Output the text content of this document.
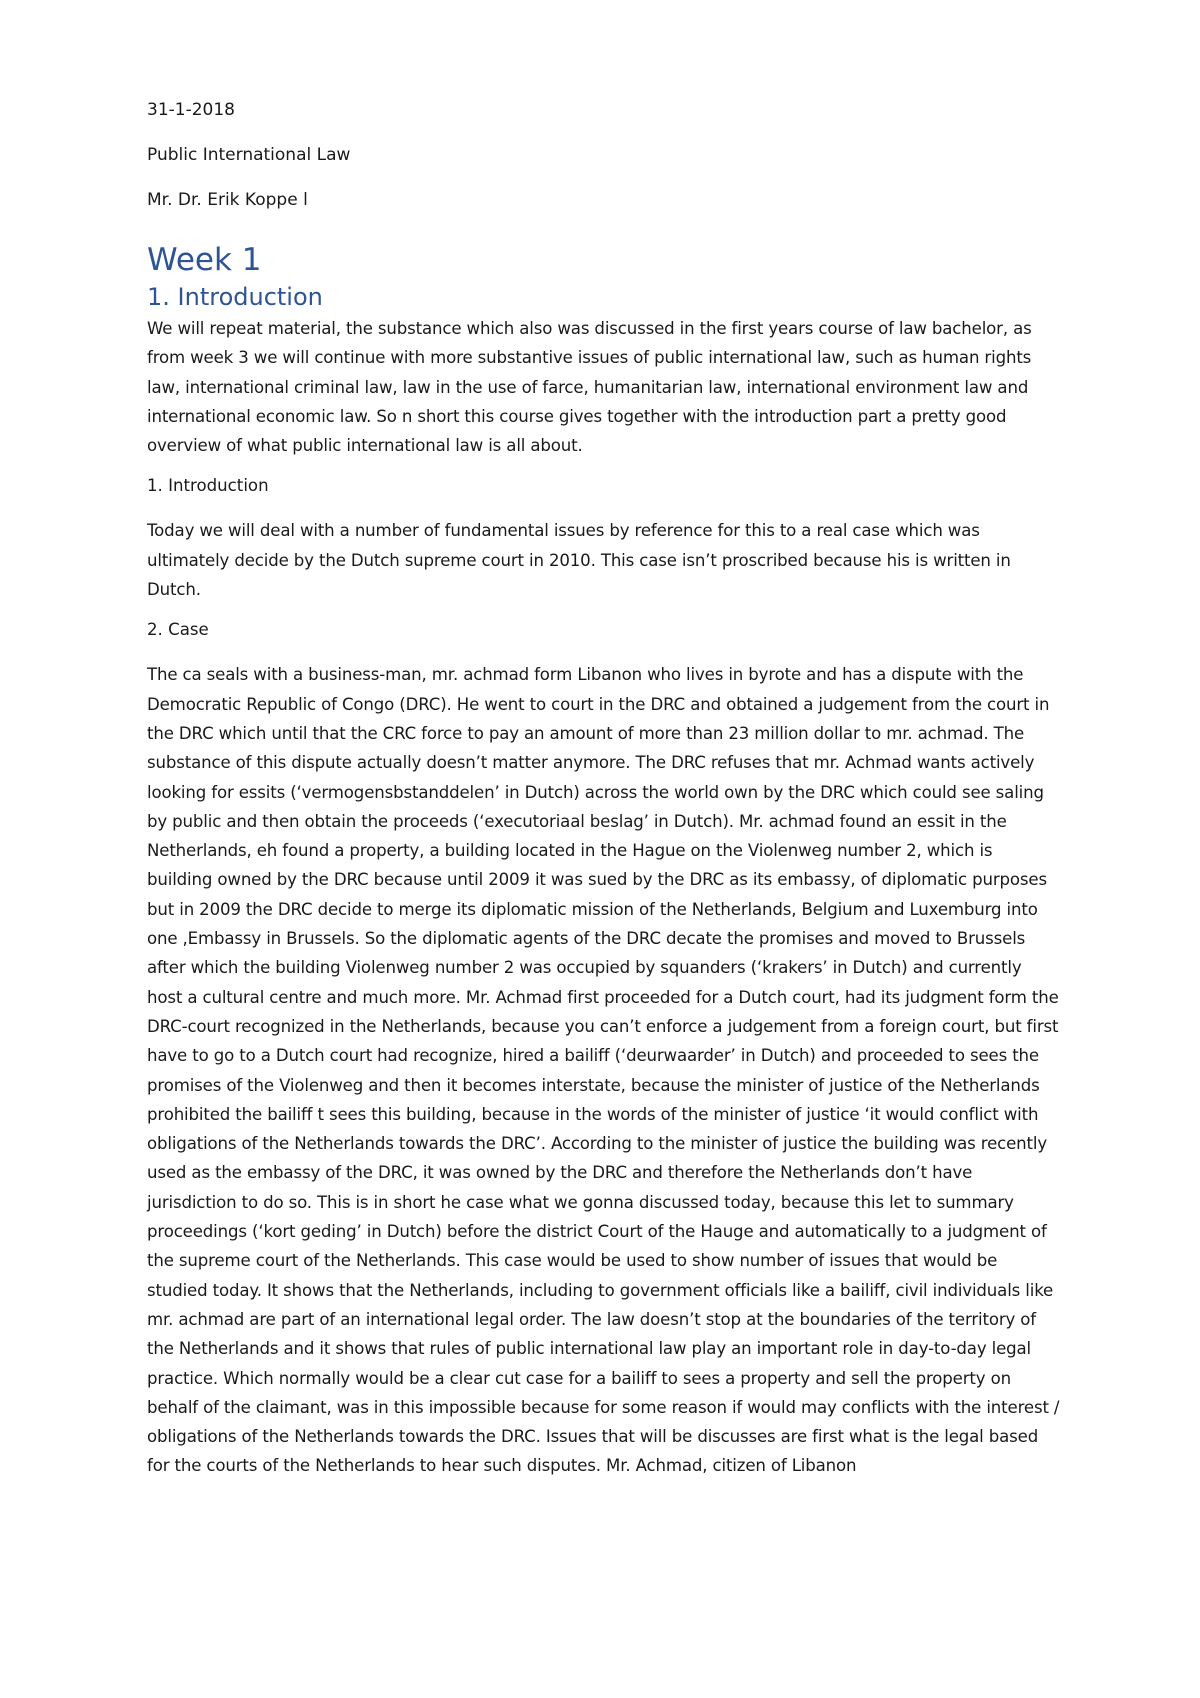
31-1-2018
Public International Law
Mr. Dr. Erik Koppe l
Week 1
1. Introduction

We will repeat material, the substance which also was discussed in the first years course of law bachelor, as from week 3 we will continue with more substantive issues of public international law, such as human rights law, international criminal law, law in the use of farce, humanitarian law, international environment law and international economic law. So n short this course gives together with the introduction part a pretty good overview of what public international law is all about.

1. Introduction

Today we will deal with a number of fundamental issues by reference for this to a real case which was ultimately decide by the Dutch supreme court in 2010. This case isn’t proscribed because his is written in Dutch.

2. Case

The ca seals with a business-man, mr. achmad form Libanon who lives in byrote and has a dispute with the Democratic Republic of Congo (DRC). He went to court in the DRC and obtained a judgement from the court in the DRC which until that the CRC force to pay an amount of more than 23 million dollar to mr. achmad. The substance of this dispute actually doesn’t matter anymore. The DRC refuses that mr. Achmad wants actively looking for essits (‘vermogensbstanddelen’ in Dutch) across the world own by the DRC which could see saling by public and then obtain the proceeds (‘executoriaal beslag’ in Dutch). Mr. achmad found an essit in the Netherlands, eh found a property, a building located in the Hague on the Violenweg number 2, which is building owned by the DRC because until 2009 it was sued by the DRC as its embassy, of diplomatic purposes but in 2009 the DRC decide to merge its diplomatic mission of the Netherlands, Belgium and Luxemburg into one ,Embassy in Brussels. So the diplomatic agents of the DRC decate the promises and moved to Brussels after which the building Violenweg number 2 was occupied by squanders (‘krakers’ in Dutch) and currently host a cultural centre and much more. Mr. Achmad first proceeded for a Dutch court, had its judgment form the DRC-court recognized in the Netherlands, because you can’t enforce a judgement from a foreign court, but first have to go to a Dutch court had recognize, hired a bailiff (‘deurwaarder’ in Dutch) and proceeded to sees the promises of the Violenweg and then it becomes interstate, because the minister of justice of the Netherlands prohibited the bailiff t sees this building, because in the words of the minister of justice ‘it would conflict with obligations of the Netherlands towards the DRC’. According to the minister of justice the building was recently used as the embassy of the DRC, it was owned by the DRC and therefore the Netherlands don’t have jurisdiction to do so. This is in short he case what we gonna discussed today, because this let to summary proceedings (‘kort geding’ in Dutch) before the district Court of the Hauge and automatically to a judgment of the supreme court of the Netherlands. This case would be used to show number of issues that would be studied today. It shows that the Netherlands, including to government officials like a bailiff, civil individuals like mr. achmad are part of an international legal order. The law doesn’t stop at the boundaries of the territory of the Netherlands and it shows that rules of public international law play an important role in day-to-day legal practice. Which normally would be a clear cut case for a bailiff to sees a property and sell the property on behalf of the claimant, was in this impossible because for some reason if would may conflicts with the interest / obligations of the Netherlands towards the DRC. Issues that will be discusses are first what is the legal based for the courts of the Netherlands to hear such disputes. Mr. Achmad, citizen of Libanon
